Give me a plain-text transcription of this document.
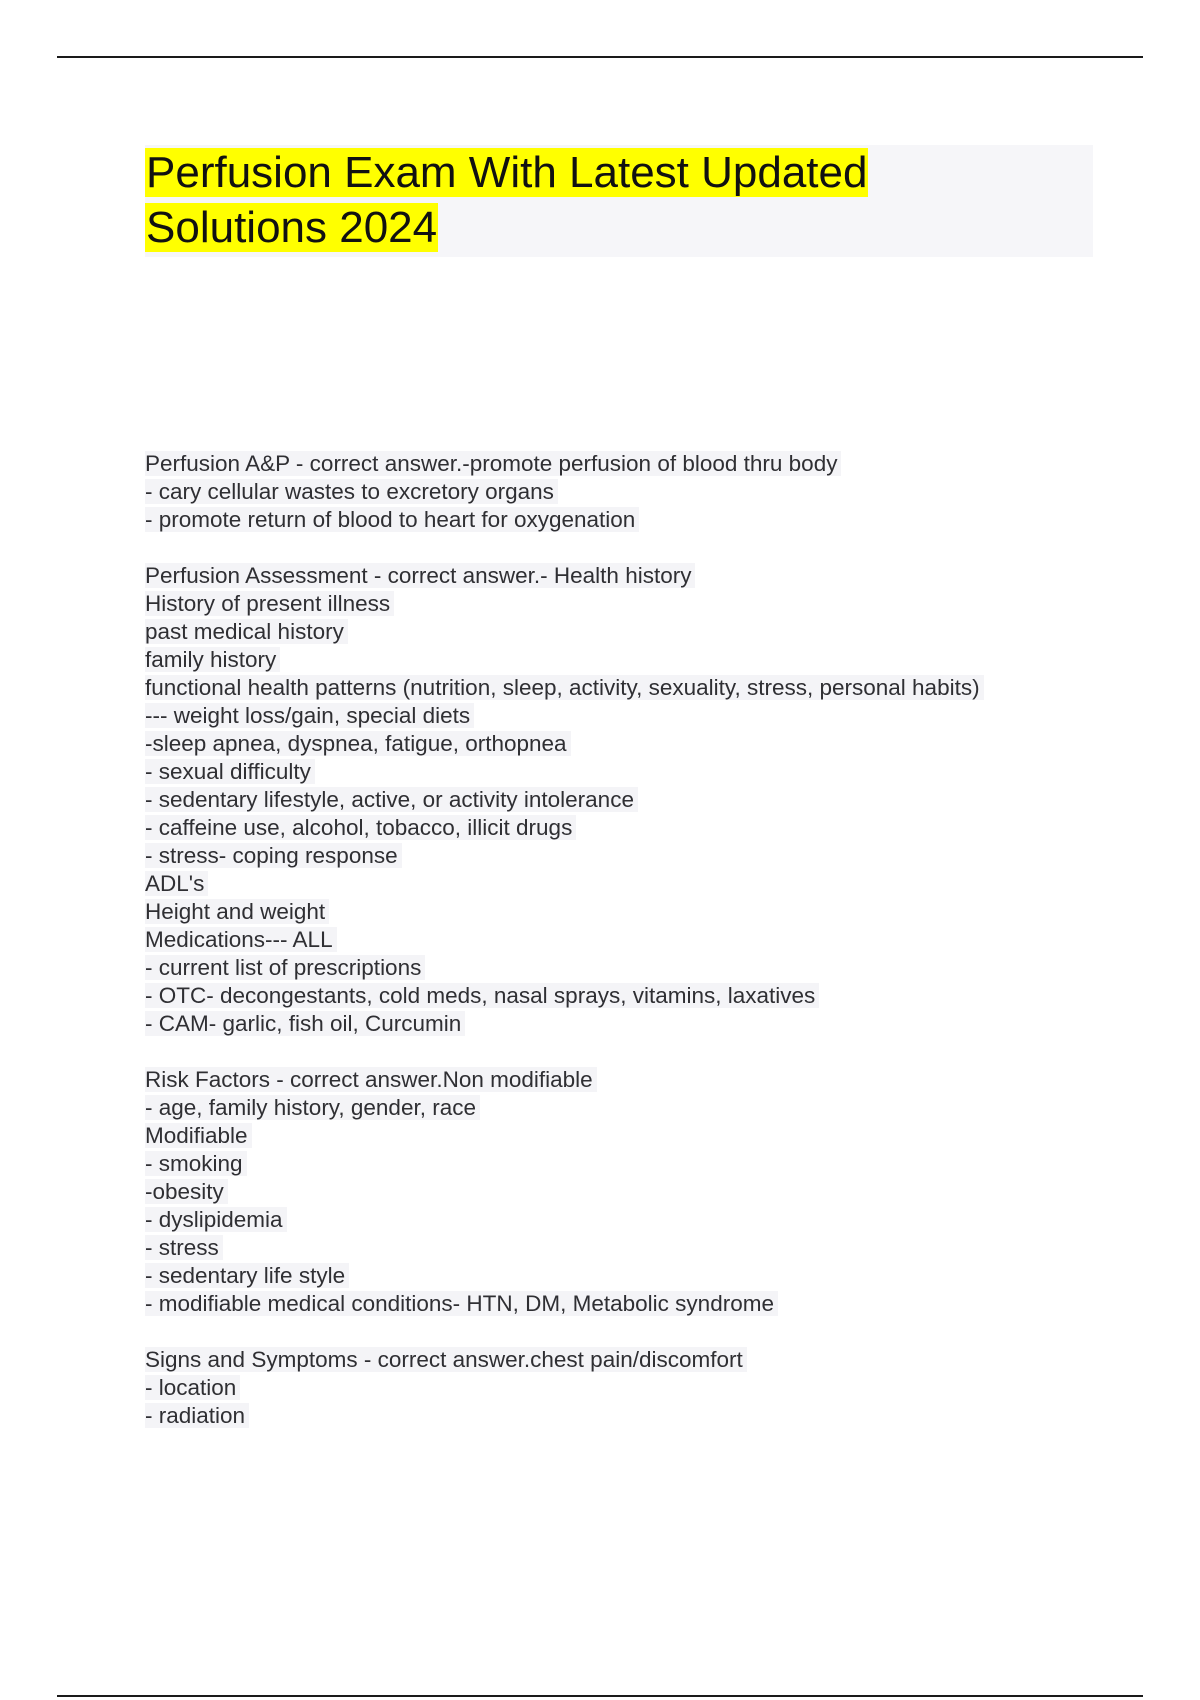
Perfusion Exam With Latest Updated
Solutions 2024
Perfusion A&P - correct answer.-promote perfusion of blood thru body
- cary cellular wastes to excretory organs
- promote return of blood to heart for oxygenation
Perfusion Assessment - correct answer.- Health history
History of present illness
past medical history
family history
functional health patterns (nutrition, sleep, activity, sexuality, stress, personal habits)
--- weight loss/gain, special diets
-sleep apnea, dyspnea, fatigue, orthopnea
- sexual difficulty
- sedentary lifestyle, active, or activity intolerance
- caffeine use, alcohol, tobacco, illicit drugs
- stress- coping response
ADL's
Height and weight
Medications--- ALL
- current list of prescriptions
- OTC- decongestants, cold meds, nasal sprays, vitamins, laxatives
- CAM- garlic, fish oil, Curcumin
Risk Factors - correct answer.Non modifiable
- age, family history, gender, race
Modifiable
- smoking
-obesity
- dyslipidemia
- stress
- sedentary life style
- modifiable medical conditions- HTN, DM, Metabolic syndrome
Signs and Symptoms - correct answer.chest pain/discomfort
- location
- radiation
